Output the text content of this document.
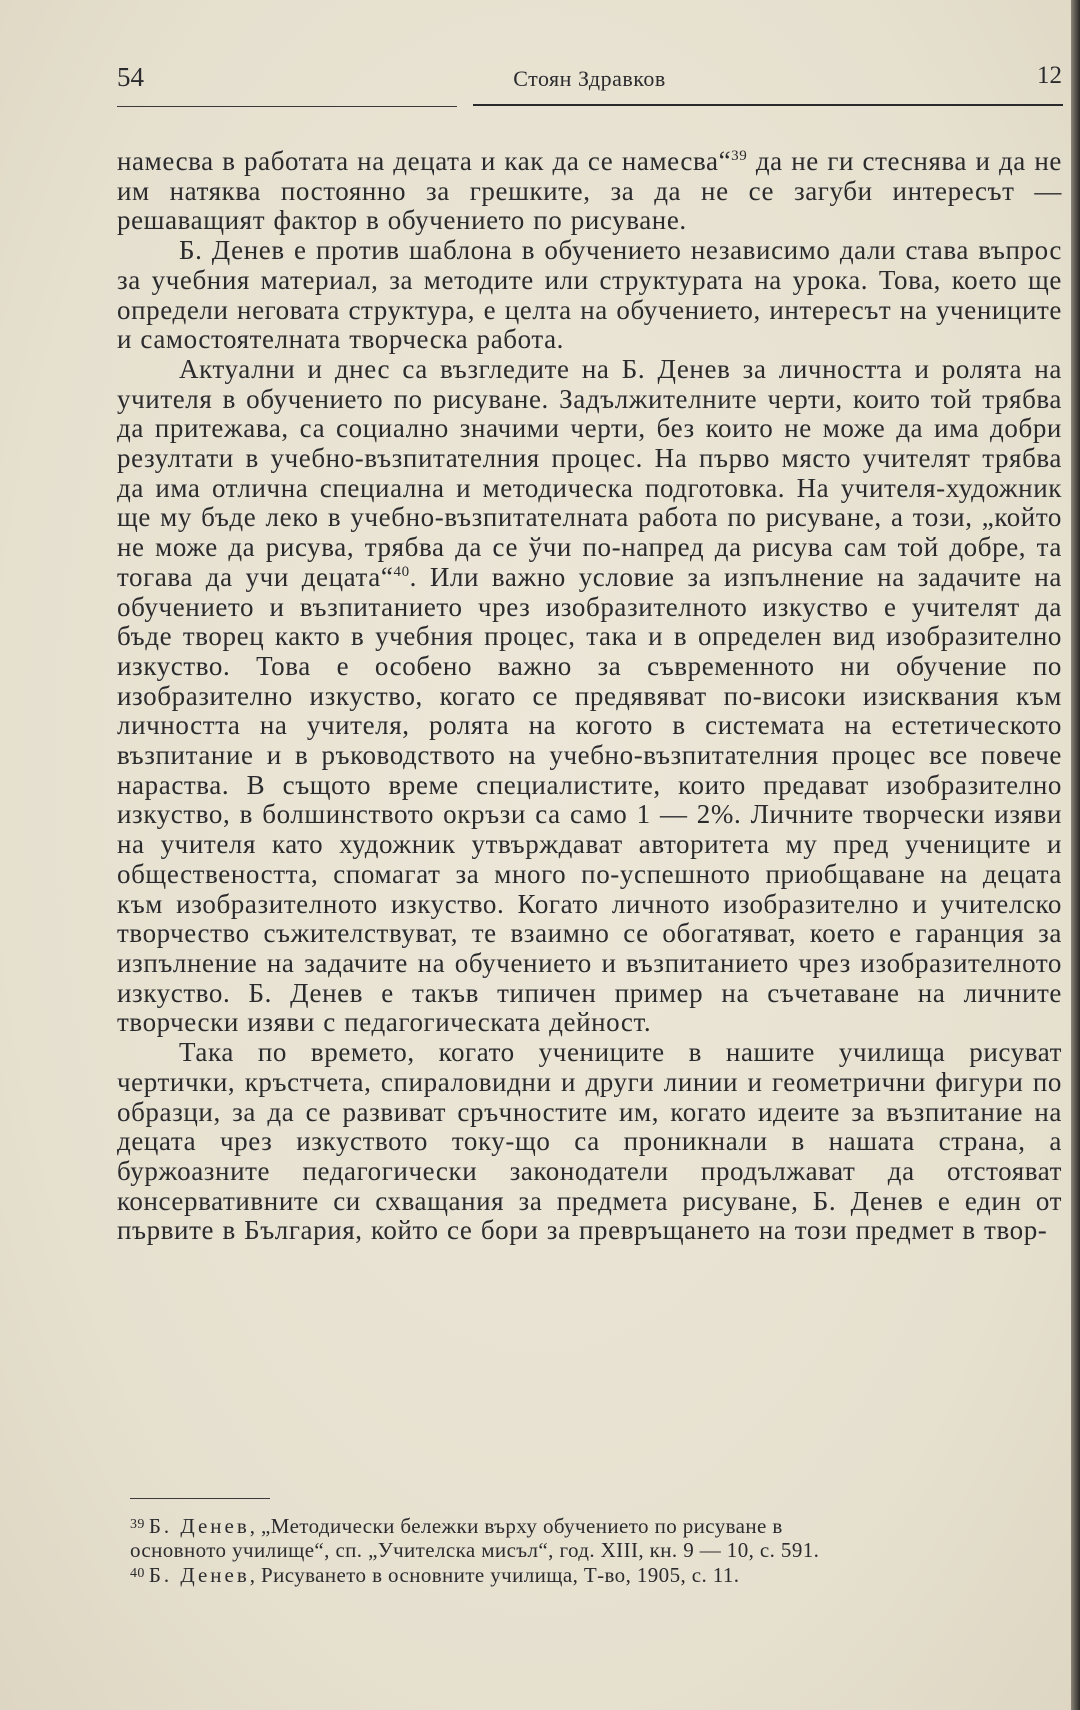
54	Стоян Здравков	12

намесва в работата на децата и как да се намесва“$^{39}$ да не ги стеснява и да не им натяква постоянно за грешките, за да не се загуби интересът — решаващият фактор в обучението по рисуване.

Б. Денев е против шаблона в обучението независимо дали става въпрос за учебния материал, за методите или структурата на урока. Това, което ще определи неговата структура, е целта на обучението, интересът на учениците и самостоятелната творческа работа.

Актуални и днес са възгледите на Б. Денев за личността и ролята на учителя в обучението по рисуване. Задължителните черти, които той трябва да притежава, са социално значими черти, без които не може да има добри резултати в учебно-възпитателния процес. На първо място учителят трябва да има отлична специална и методическа подготовка. На учителя-художник ще му бъде леко в учебно-възпитателната работа по рисуване, а този, „който не може да рисува, трябва да се ўчи по-напред да рисува сам той добре, та тогава да учи децата“$^{40}$. Или важно условие за изпълнение на задачите на обучението и възпитанието чрез изобразителното изкуство е учителят да бъде творец както в учебния процес, така и в определен вид изобразително изкуство. Това е особено важно за съвременното ни обучение по изобразително изкуство, когато се предявяват по-високи изисквания към личността на учителя, ролята на когото в системата на естетическото възпитание и в ръководството на учебно-възпитателния процес все повече нараства. В същото време специалистите, които предават изобразително изкуство, в болшинството окръзи са само 1 — 2%. Личните творчески изяви на учителя като художник утвърждават авторитета му пред учениците и обществеността, спомагат за много по-успешното приобщаване на децата към изобразителното изкуство. Когато личното изобразително и учителско творчество съжителствуват, те взаимно се обогатяват, което е гаранция за изпълнение на задачите на обучението и възпитанието чрез изобразителното изкуство. Б. Денев е такъв типичен пример на съчетаване на личните творчески изяви с педагогическата дейност.

Така по времето, когато учениците в нашите училища рисуват чертички, кръстчета, спираловидни и други линии и геометрични фигури по образци, за да се развиват сръчностите им, когато идеите за възпитание на децата чрез изкуството току-що са проникнали в нашата страна, а буржоазните педагогически законодатели продължават да отстояват консервативните си схващания за предмета рисуване, Б. Денев е един от първите в България, който се бори за превръщането на този предмет в твор-

$^{39}$ Б. Денев, „Методически бележки върху обучението по рисуване в
основното училище“, сп. „Учителска мисъл“, год. XIII, кн. 9 — 10, с. 591.

$^{40}$ Б. Денев, Рисуването в основните училища, Т-во, 1905, с. 11.
